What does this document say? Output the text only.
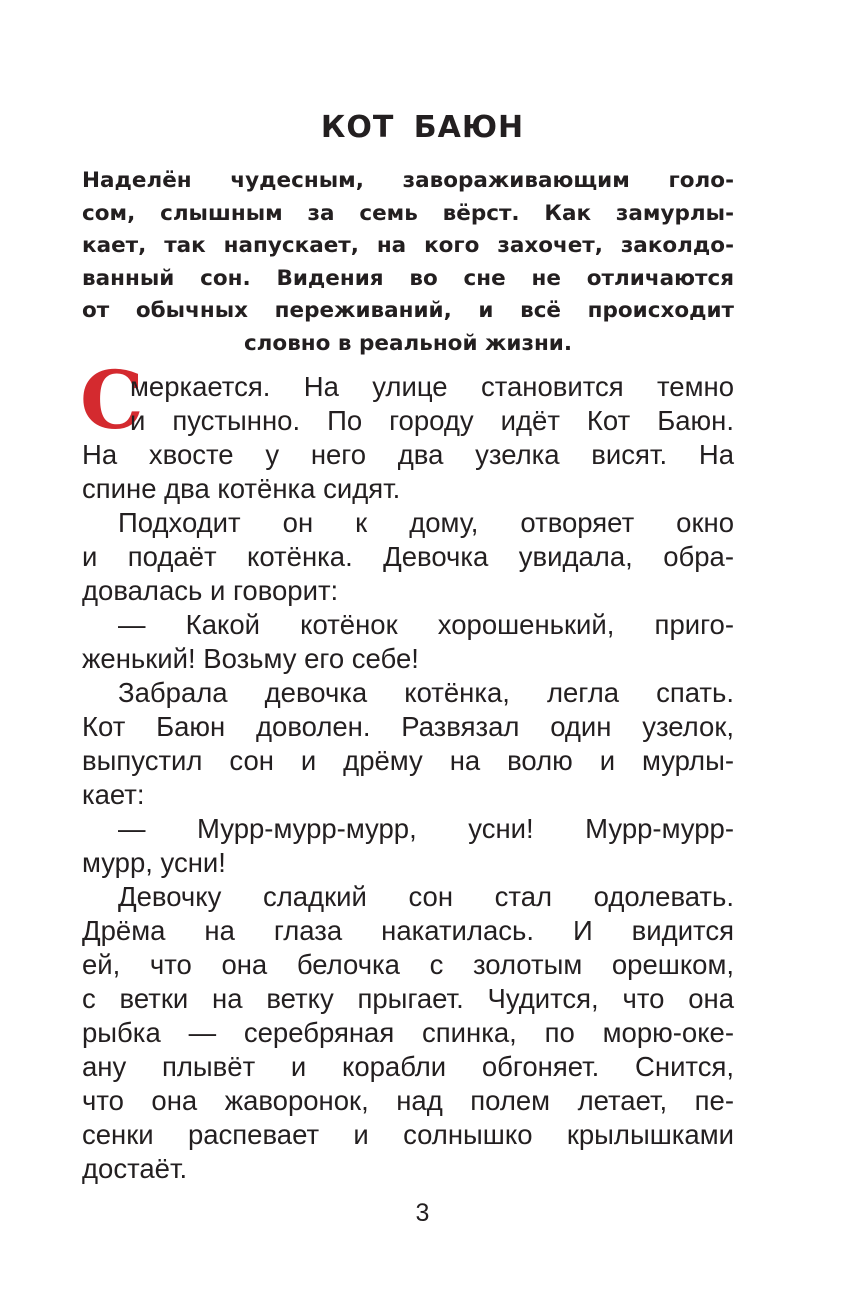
КОТ БАЮН
Наделён чудесным, завораживающим голо-
сом, слышным за семь вёрст. Как замурлы-
кает, так напускает, на кого захочет, заколдо-
ванный сон. Видения во сне не отличаются
от обычных переживаний, и всё происходит
словно в реальной жизни.
С
меркается. На улице становится темно
и пустынно. По городу идёт Кот Баюн.
На хвосте у него два узелка висят. На
спине два котёнка сидят.
Подходит он к дому, отворяет окно
и подаёт котёнка. Девочка увидала, обра-
довалась и говорит:
— Какой котёнок хорошенький, приго-
женький! Возьму его себе!
Забрала девочка котёнка, легла спать.
Кот Баюн доволен. Развязал один узелок,
выпустил сон и дрёму на волю и мурлы-
кает:
— Мурр-мурр-мурр, усни! Мурр-мурр-
мурр, усни!
Девочку сладкий сон стал одолевать.
Дрёма на глаза накатилась. И видится
ей, что она белочка с золотым орешком,
с ветки на ветку прыгает. Чудится, что она
рыбка — серебряная спинка, по морю-оке-
ану плывёт и корабли обгоняет. Снится,
что она жаворонок, над полем летает, пе-
сенки распевает и солнышко крылышками
достаёт.
3
